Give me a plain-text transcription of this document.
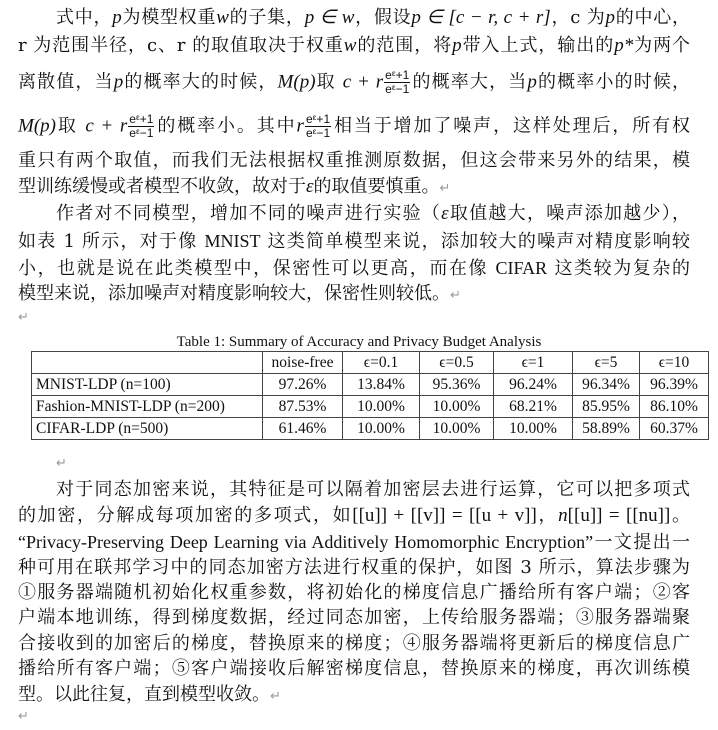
式中，p为模型权重w的子集，p ∈ w，假设p ∈ [c − r, c + r]，c 为p的中心，
r 为范围半径，c、r 的取值取决于权重w的范围，将p带入上式，输出的p*为两个
离散值，当p的概率大的时候，M(p)取 c + r $\frac{\text{eᵋ+1}}{\text{eᵋ−1}}$ 的概率大，当p的概率小的时候，
M(p)取 c + r $\frac{\text{eᵋ+1}}{\text{eᵋ−1}}$ 的概率小。其中r $\frac{\text{eᵋ+1}}{\text{eᵋ−1}}$ 相当于增加了噪声，这样处理后，所有权
重只有两个取值，而我们无法根据权重推测原数据，但这会带来另外的结果，模
型训练缓慢或者模型不收敛，故对于ε的取值要慎重。↵
作者对不同模型，增加不同的噪声进行实验（ε取值越大，噪声添加越少），
如表 1 所示，对于像 MNIST 这类简单模型来说，添加较大的噪声对精度影响较
小，也就是说在此类模型中，保密性可以更高，而在像 CIFAR 这类较为复杂的
模型来说，添加噪声对精度影响较大，保密性则较低。↵
↵
Table 1: Summary of Accuracy and Privacy Budget Analysis
	noise-free	ϵ=0.1	ϵ=0.5	ϵ=1	ϵ=5	ϵ=10
MNIST-LDP (n=100)	97.26%	13.84%	95.36%	96.24%	96.34%	96.39%
Fashion-MNIST-LDP (n=200)	87.53%	10.00%	10.00%	68.21%	85.95%	86.10%
CIFAR-LDP (n=500)	61.46%	10.00%	10.00%	10.00%	58.89%	60.37%
↵
对于同态加密来说，其特征是可以隔着加密层去进行运算，它可以把多项式
的加密，分解成每项加密的多项式，如[[u]] + [[v]] = [[u + v]]，n[[u]] = [[nu]]。
“Privacy-Preserving Deep Learning via Additively Homomorphic Encryption”一文提出一
种可用在联邦学习中的同态加密方法进行权重的保护，如图 3 所示，算法步骤为
①服务器端随机初始化权重参数，将初始化的梯度信息广播给所有客户端；②客
户端本地训练，得到梯度数据，经过同态加密，上传给服务器端；③服务器端聚
合接收到的加密后的梯度，替换原来的梯度；④服务器端将更新后的梯度信息广
播给所有客户端；⑤客户端接收后解密梯度信息，替换原来的梯度，再次训练模
型。以此往复，直到模型收敛。↵
↵
